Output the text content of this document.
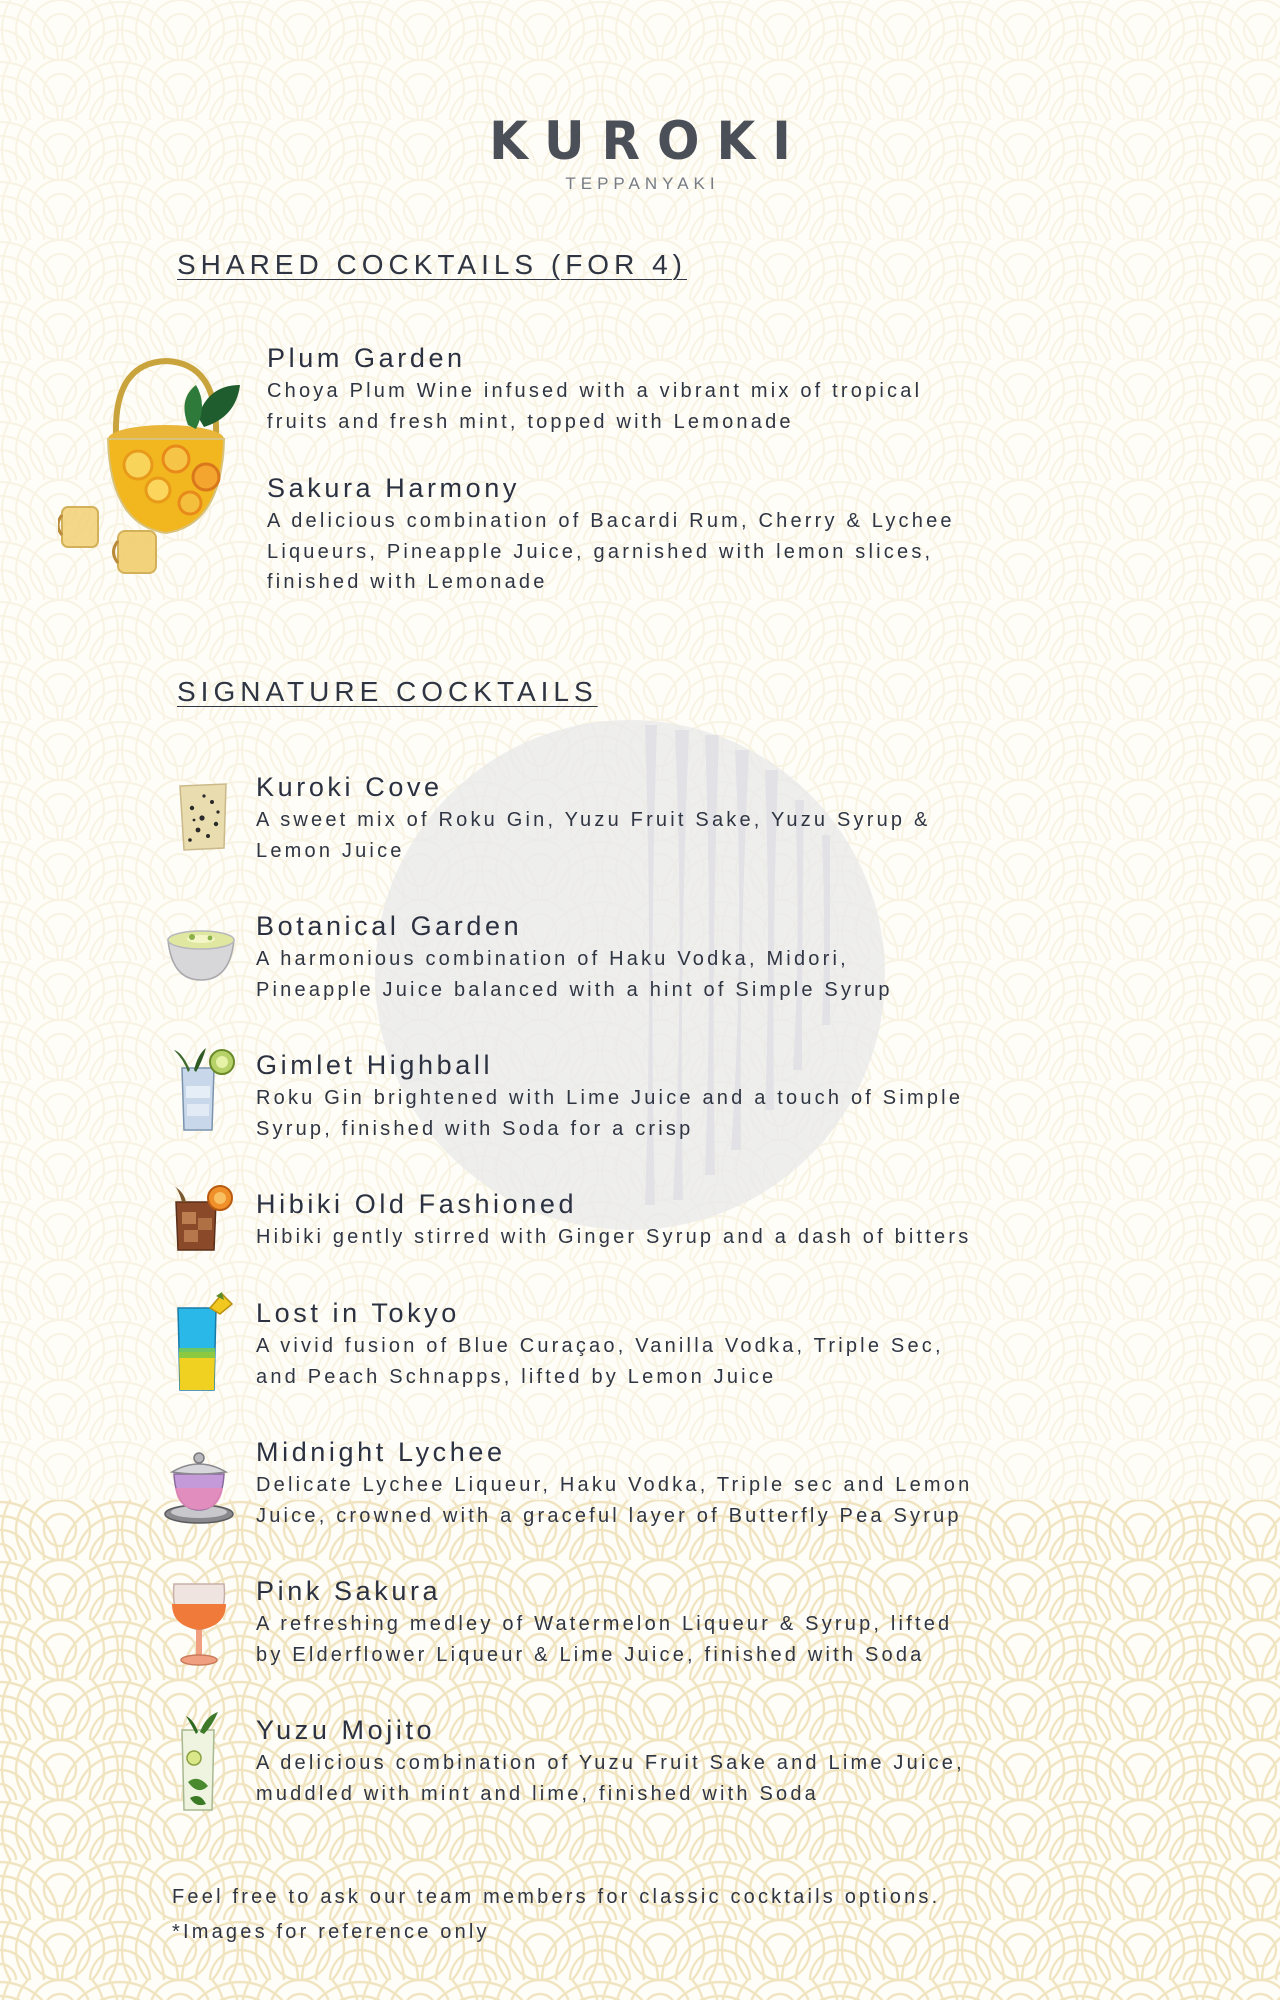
KUROKI
TEPPANYAKI
SHARED COCKTAILS (FOR 4)
Plum Garden
Choya Plum Wine infused with a vibrant mix of tropical
fruits and fresh mint, topped with Lemonade
Sakura Harmony
A delicious combination of Bacardi Rum, Cherry & Lychee
Liqueurs, Pineapple Juice, garnished with lemon slices,
finished with Lemonade
SIGNATURE COCKTAILS
Kuroki Cove
A sweet mix of Roku Gin, Yuzu Fruit Sake, Yuzu Syrup &
Lemon Juice
Botanical Garden
A harmonious combination of Haku Vodka, Midori,
Pineapple Juice balanced with a hint of Simple Syrup
Gimlet Highball
Roku Gin brightened with Lime Juice and a touch of Simple
Syrup, finished with Soda for a crisp
Hibiki Old Fashioned
Hibiki gently stirred with Ginger Syrup and a dash of bitters
Lost in Tokyo
A vivid fusion of Blue Curaçao, Vanilla Vodka, Triple Sec,
and Peach Schnapps, lifted by Lemon Juice
Midnight Lychee
Delicate Lychee Liqueur, Haku Vodka, Triple sec and Lemon
Juice, crowned with a graceful layer of Butterfly Pea Syrup
Pink Sakura
A refreshing medley of Watermelon Liqueur & Syrup, lifted
by Elderflower Liqueur & Lime Juice, finished with Soda
Yuzu Mojito
A delicious combination of Yuzu Fruit Sake and Lime Juice,
muddled with mint and lime, finished with Soda
Feel free to ask our team members for classic cocktails options.
*Images for reference only
